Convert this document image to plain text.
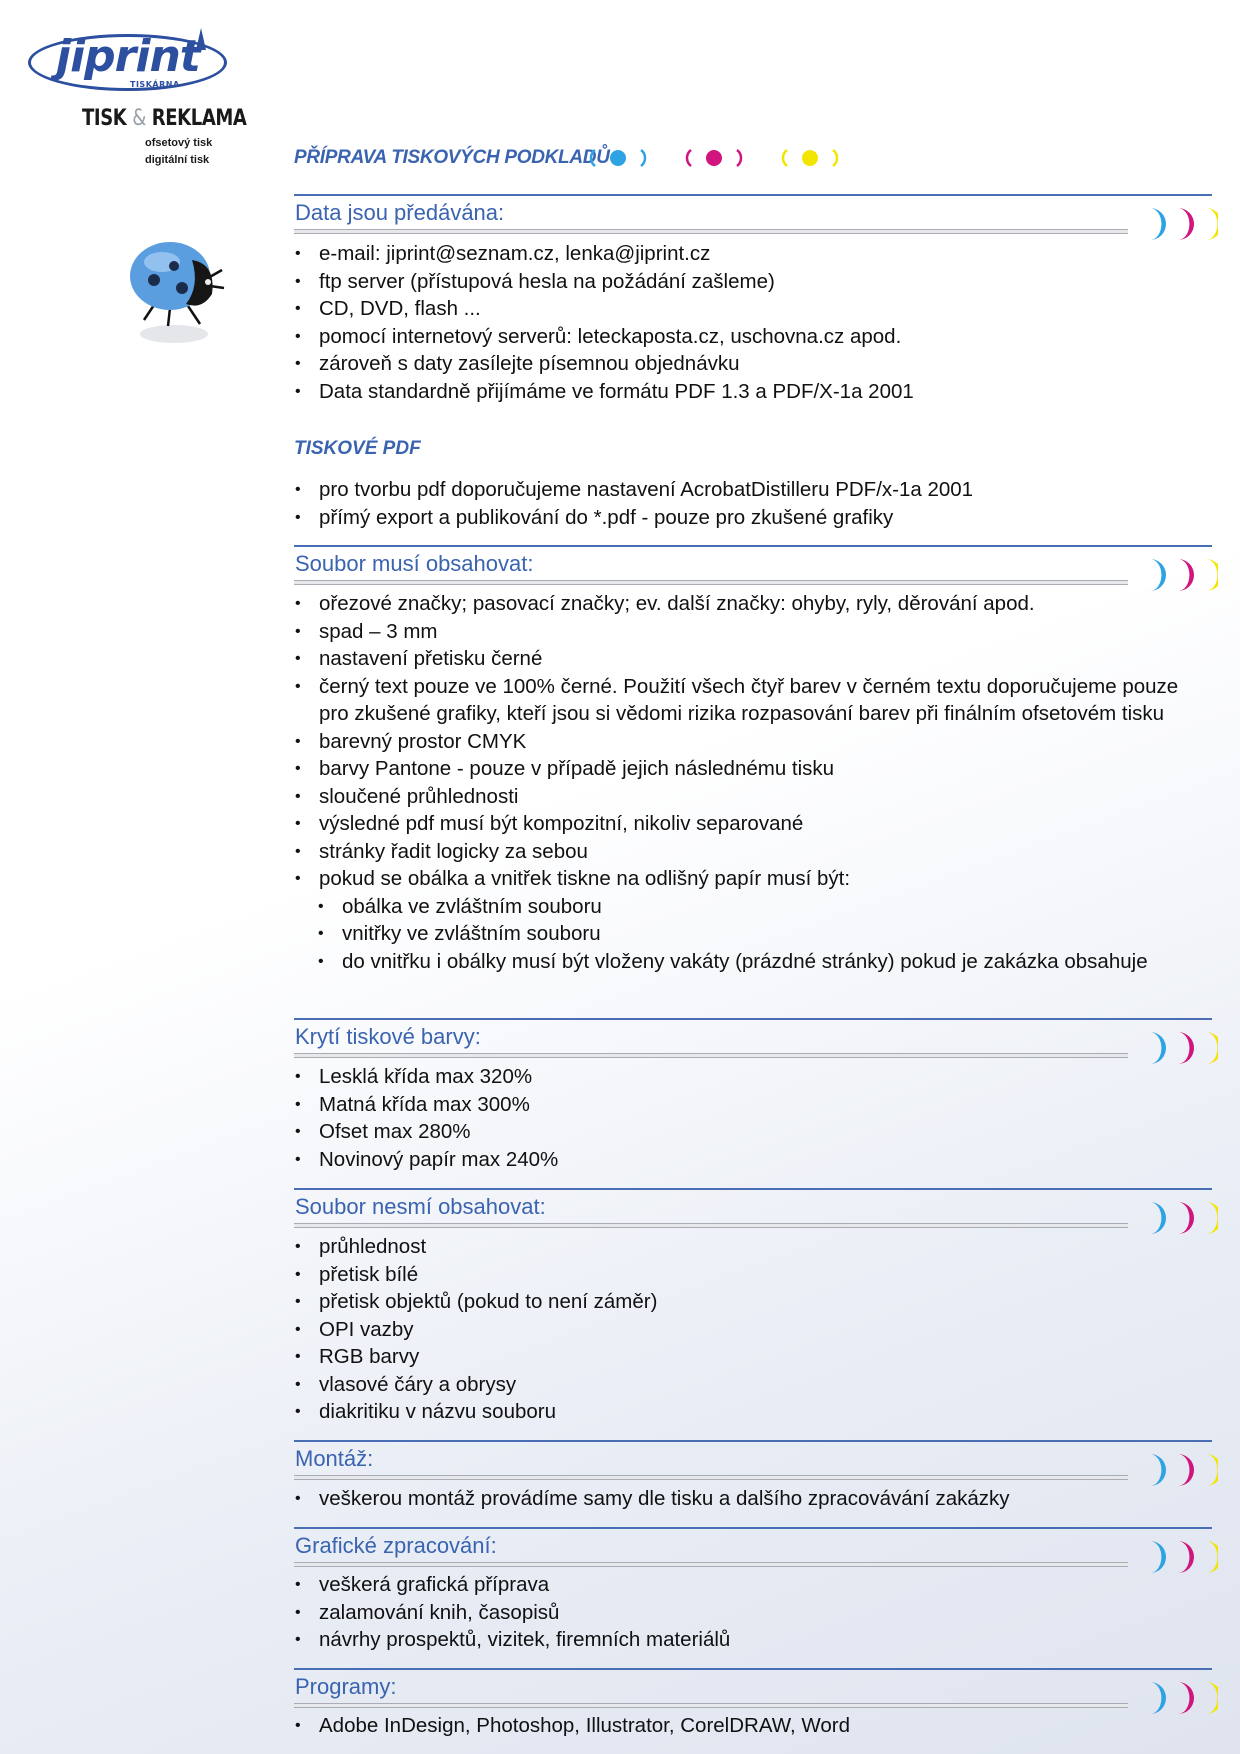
jiprint
TISKÁRNA
TISK & REKLAMA
ofsetový tisk
digitální tisk	PŘÍPRAVA TISKOVÝCH PODKLADŮ
Data jsou předávána:
• e-mail: jiprint@seznam.cz, lenka@jiprint.cz
• ftp server (přístupová hesla na požádání zašleme)
• CD, DVD, flash ...
• pomocí internetový serverů: leteckaposta.cz, uschovna.cz apod.
• zároveň s daty zasílejte písemnou objednávku
• Data standardně přijímáme ve formátu PDF 1.3 a PDF/X-1a 2001
TISKOVÉ PDF
• pro tvorbu pdf doporučujeme nastavení AcrobatDistilleru PDF/x-1a 2001
• přímý export a publikování do *.pdf - pouze pro zkušené grafiky
Soubor musí obsahovat:
• ořezové značky; pasovací značky; ev. další značky: ohyby, ryly, děrování apod.
• spad – 3 mm
• nastavení přetisku černé
• černý text pouze ve 100% černé. Použití všech čtyř barev v černém textu doporučujeme pouze pro zkušené grafiky, kteří jsou si vědomi rizika rozpasování barev při finálním ofsetovém tisku
• barevný prostor CMYK
• barvy Pantone - pouze v případě jejich následnému tisku
• sloučené průhlednosti
• výsledné pdf musí být kompozitní, nikoliv separované
• stránky řadit logicky za sebou
• pokud se obálka a vnitřek tiskne na odlišný papír musí být:
• obálka ve zvláštním souboru
• vnitřky ve zvláštním souboru
• do vnitřku i obálky musí být vloženy vakáty (prázdné stránky) pokud je zakázka obsahuje
Krytí tiskové barvy:
• Lesklá křída max 320%
• Matná křída max 300%
• Ofset max 280%
• Novinový papír max 240%
Soubor nesmí obsahovat:
• průhlednost
• přetisk bílé
• přetisk objektů (pokud to není záměr)
• OPI vazby
• RGB barvy
• vlasové čáry a obrysy
• diakritiku v názvu souboru
Montáž:
• veškerou montáž provádíme samy dle tisku a dalšího zpracovávání zakázky
Grafické zpracování:
• veškerá grafická příprava
• zalamování knih, časopisů
• návrhy prospektů, vizitek, firemních materiálů
Programy:
• Adobe InDesign, Photoshop, Illustrator, CorelDRAW, Word
